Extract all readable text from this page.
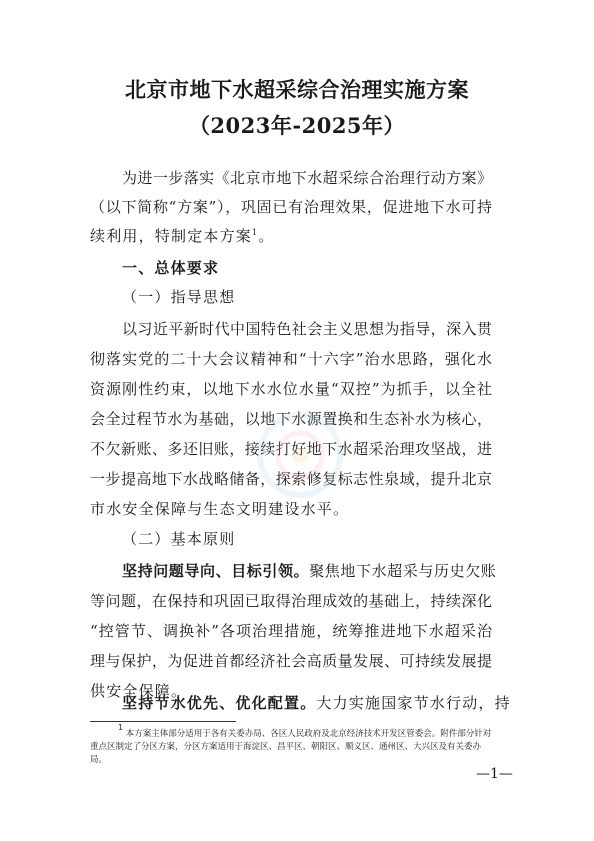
北京市地下水超采综合治理实施方案
（2023年-2025年）
为进一步落实《北京市地下水超采综合治理行动方案》
（以下简称“方案”），巩固已有治理效果，促进地下水可持
续利用，特制定本方案$^1$。
一、总体要求
（一）指导思想
以习近平新时代中国特色社会主义思想为指导，深入贯
彻落实党的二十大会议精神和“十六字”治水思路，强化水
资源刚性约束，以地下水水位水量“双控”为抓手，以全社
会全过程节水为基础，以地下水源置换和生态补水为核心，
不欠新账、多还旧账，接续打好地下水超采治理攻坚战，进
一步提高地下水战略储备，探索修复标志性泉域，提升北京
市水安全保障与生态文明建设水平。
（二）基本原则
坚持问题导向、目标引领。聚焦地下水超采与历史欠账
等问题，在保持和巩固已取得治理成效的基础上，持续深化
“控管节、调换补”各项治理措施，统筹推进地下水超采治
理与保护，为促进首都经济社会高质量发展、可持续发展提
供安全保障。
坚持节水优先、优化配置。大力实施国家节水行动，持
$^1$ 本方案主体部分适用于各有关委办局、各区人民政府及北京经济技术开发区管委会。附件部分针对
重点区制定了分区方案，分区方案适用于海淀区、昌平区、朝阳区、顺义区、通州区、大兴区及有关委办
局。
—1—
